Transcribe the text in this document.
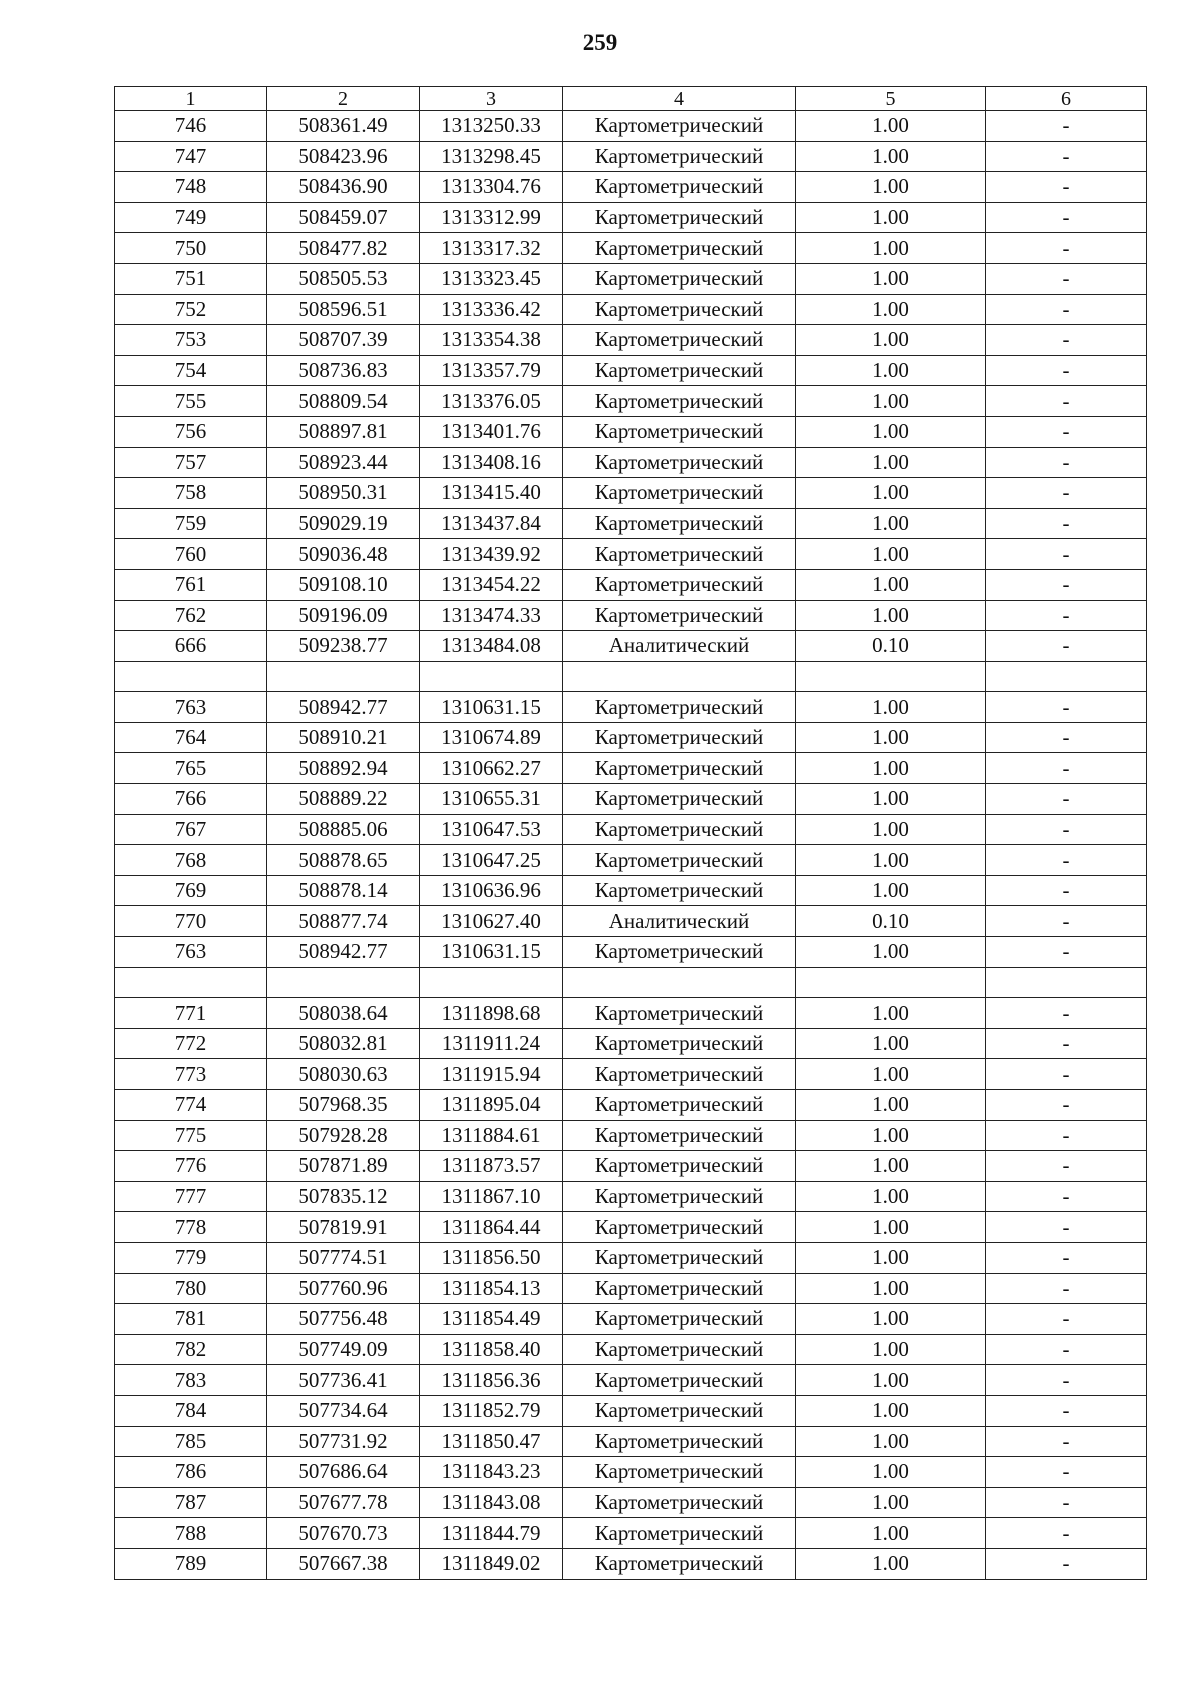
259
1	2	3	4	5	6
746	508361.49	1313250.33	Картометрический	1.00	-
747	508423.96	1313298.45	Картометрический	1.00	-
748	508436.90	1313304.76	Картометрический	1.00	-
749	508459.07	1313312.99	Картометрический	1.00	-
750	508477.82	1313317.32	Картометрический	1.00	-
751	508505.53	1313323.45	Картометрический	1.00	-
752	508596.51	1313336.42	Картометрический	1.00	-
753	508707.39	1313354.38	Картометрический	1.00	-
754	508736.83	1313357.79	Картометрический	1.00	-
755	508809.54	1313376.05	Картометрический	1.00	-
756	508897.81	1313401.76	Картометрический	1.00	-
757	508923.44	1313408.16	Картометрический	1.00	-
758	508950.31	1313415.40	Картометрический	1.00	-
759	509029.19	1313437.84	Картометрический	1.00	-
760	509036.48	1313439.92	Картометрический	1.00	-
761	509108.10	1313454.22	Картометрический	1.00	-
762	509196.09	1313474.33	Картометрический	1.00	-
666	509238.77	1313484.08	Аналитический	0.10	-

763	508942.77	1310631.15	Картометрический	1.00	-
764	508910.21	1310674.89	Картометрический	1.00	-
765	508892.94	1310662.27	Картометрический	1.00	-
766	508889.22	1310655.31	Картометрический	1.00	-
767	508885.06	1310647.53	Картометрический	1.00	-
768	508878.65	1310647.25	Картометрический	1.00	-
769	508878.14	1310636.96	Картометрический	1.00	-
770	508877.74	1310627.40	Аналитический	0.10	-
763	508942.77	1310631.15	Картометрический	1.00	-

771	508038.64	1311898.68	Картометрический	1.00	-
772	508032.81	1311911.24	Картометрический	1.00	-
773	508030.63	1311915.94	Картометрический	1.00	-
774	507968.35	1311895.04	Картометрический	1.00	-
775	507928.28	1311884.61	Картометрический	1.00	-
776	507871.89	1311873.57	Картометрический	1.00	-
777	507835.12	1311867.10	Картометрический	1.00	-
778	507819.91	1311864.44	Картометрический	1.00	-
779	507774.51	1311856.50	Картометрический	1.00	-
780	507760.96	1311854.13	Картометрический	1.00	-
781	507756.48	1311854.49	Картометрический	1.00	-
782	507749.09	1311858.40	Картометрический	1.00	-
783	507736.41	1311856.36	Картометрический	1.00	-
784	507734.64	1311852.79	Картометрический	1.00	-
785	507731.92	1311850.47	Картометрический	1.00	-
786	507686.64	1311843.23	Картометрический	1.00	-
787	507677.78	1311843.08	Картометрический	1.00	-
788	507670.73	1311844.79	Картометрический	1.00	-
789	507667.38	1311849.02	Картометрический	1.00	-
